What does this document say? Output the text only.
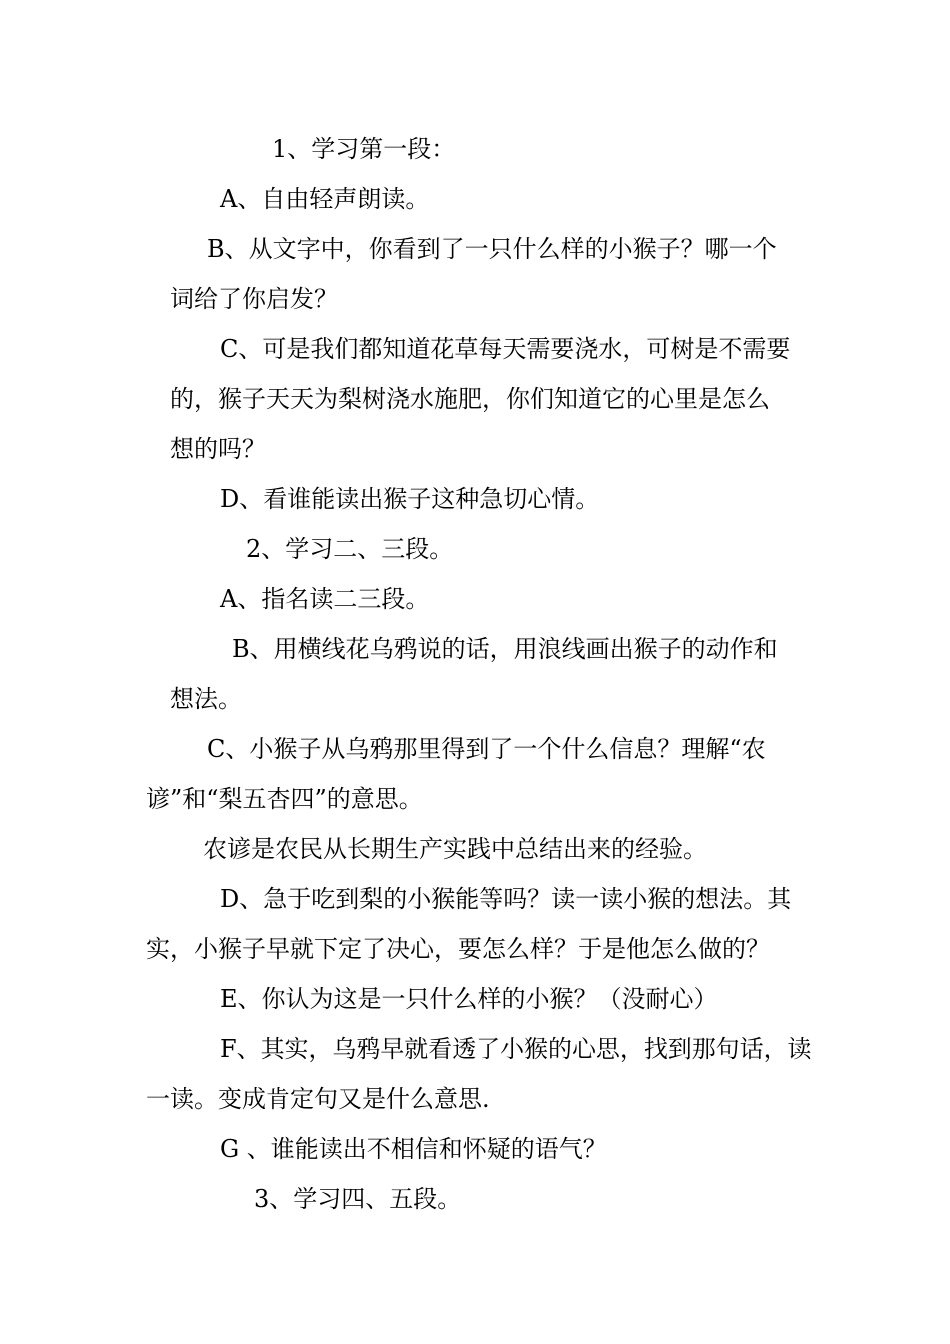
1、学习第一段：
A、自由轻声朗读。
B、从文字中，你看到了一只什么样的小猴子？哪一个
词给了你启发？
C、可是我们都知道花草每天需要浇水，可树是不需要
的，猴子天天为梨树浇水施肥，你们知道它的心里是怎么
想的吗？
D、看谁能读出猴子这种急切心情。
2、学习二、三段。
A、指名读二三段。
B、用横线花乌鸦说的话，用浪线画出猴子的动作和
想法。
C、小猴子从乌鸦那里得到了一个什么信息？理解“农
谚”和“梨五杏四”的意思。
农谚是农民从长期生产实践中总结出来的经验。
D、急于吃到梨的小猴能等吗？读一读小猴的想法。其
实，小猴子早就下定了决心，要怎么样？于是他怎么做的？
E、你认为这是一只什么样的小猴？（没耐心）
F、其实，乌鸦早就看透了小猴的心思，找到那句话，读
一读。变成肯定句又是什么意思.
G 、谁能读出不相信和怀疑的语气？
3、学习四、五段。
